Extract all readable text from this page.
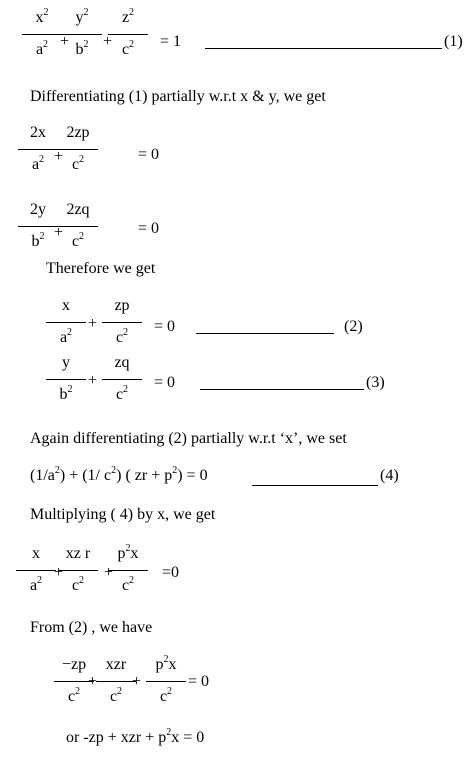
$x^2$
$a^2$ +
$y^2$
$b^2$ +
$z^2$
$c^2$	= 1	(1)
Differentiating (1) partially w.r.t x & y, we get
2x
$a^2$ +
2zp
$c^2$	= 0
2y
$b^2$ +
2zq
$c^2$	= 0
Therefore we get
x
$a^2$
+
zp
$c^2$	= 0	(2)
y
$b^2$
+
zq
$c^2$	= 0	(3)
Again differentiating (2) partially w.r.t ‘x’, we set
$(1/a^2) + (1/$ $c^2$) ( zr + $p^2) = 0$	(4)
Multiplying ( 4) by x, we get
x
$a^2$ +
xz r
$c^2$	+
$p^2x$
$c^2$	=0
From (2) , we have
−zp
$c^2$
+
xzr
$c^2$
+
$p^2x$
$c^2$
= 0
or -zp + xzr + $p^2x = 0$
